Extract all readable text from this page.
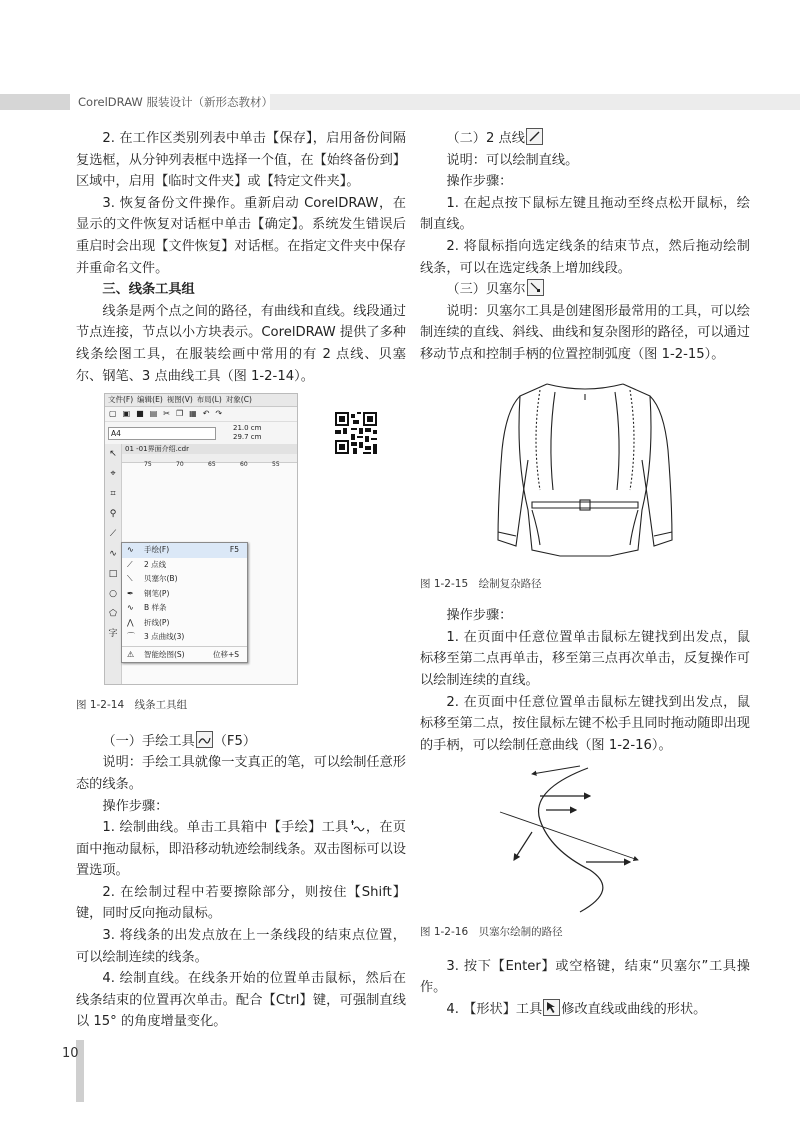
CorelDRAW 服装设计（新形态教材）

2. 在工作区类别列表中单击【保存】，启用备份间隔复选框，从分钟列表框中选择一个值，在【始终备份到】区域中，启用【临时文件夹】或【特定文件夹】。

3. 恢复备份文件操作。重新启动 CorelDRAW，在显示的文件恢复对话框中单击【确定】。系统发生错误后重启时会出现【文件恢复】对话框。在指定文件夹中保存并重命名文件。

三、线条工具组

线条是两个点之间的路径，有曲线和直线。线段通过节点连接，节点以小方块表示。CorelDRAW 提供了多种线条绘图工具，在服装绘画中常用的有 2 点线、贝塞尔、钢笔、3 点曲线工具（图 1-2-14）。

文件(F) 编辑(E) 视图(V) 布局(L) 对象(C)
▢ ▣ ■ ▤ ✂ ❐ ▦ ↶ ↷
A4
21.0 cm
29.7 cm
↖
⌖
⌗
⚲
⟋
∿
□
○
⬠
字
01 -01界面介绍.cdr
75	70	65	60	55
∿ 手绘(F)	F5
⟋ 2 点线
⟍ 贝塞尔(B)
✒ 钢笔(P)
∿ B 样条
⋀ 折线(P)
⌒ 3 点曲线(3)
⚠ 智能绘图(S)	位移+S

图 1-2-14　线条工具组

（一）手绘工具 （F5）

说明：手绘工具就像一支真正的笔，可以绘制任意形态的线条。

操作步骤：

1. 绘制曲线。单击工具箱中【手绘】工具 ，在页面中拖动鼠标，即沿移动轨迹绘制线条。双击图标可以设置选项。

2. 在绘制过程中若要擦除部分，则按住【Shift】键，同时反向拖动鼠标。

3. 将线条的出发点放在上一条线段的结束点位置，可以绘制连续的线条。

4. 绘制直线。在线条开始的位置单击鼠标，然后在线条结束的位置再次单击。配合【Ctrl】键，可强制直线以 15° 的角度增量变化。

（二）2 点线

说明：可以绘制直线。

操作步骤：

1. 在起点按下鼠标左键且拖动至终点松开鼠标，绘制直线。

2. 将鼠标指向选定线条的结束节点，然后拖动绘制线条，可以在选定线条上增加线段。

（三）贝塞尔

说明：贝塞尔工具是创建图形最常用的工具，可以绘制连续的直线、斜线、曲线和复杂图形的路径，可以通过移动节点和控制手柄的位置控制弧度（图 1-2-15）。

图 1-2-15　绘制复杂路径

操作步骤：

1. 在页面中任意位置单击鼠标左键找到出发点，鼠标移至第二点再单击，移至第三点再次单击，反复操作可以绘制连续的直线。

2. 在页面中任意位置单击鼠标左键找到出发点，鼠标移至第二点，按住鼠标左键不松手且同时拖动随即出现的手柄，可以绘制任意曲线（图 1-2-16）。

图 1-2-16　贝塞尔绘制的路径

3. 按下【Enter】或空格键，结束“贝塞尔”工具操作。

4. 【形状】工具 修改直线或曲线的形状。

10
